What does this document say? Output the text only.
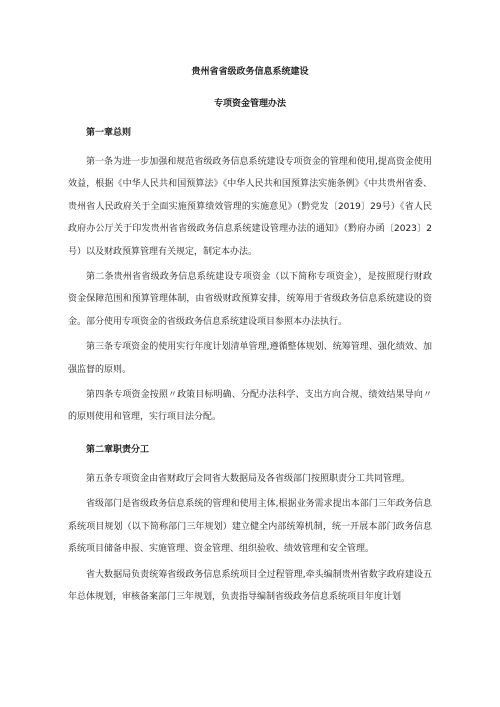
贵州省省级政务信息系统建设

专项资金管理办法

第一章总则

第一条为进一步加强和规范省级政务信息系统建设专项资金的管理和使用,提高资金使用效益，根据《中华人民共和国预算法》《中华人民共和国预算法实施条例》《中共贵州省委、贵州省人民政府关于全面实施预算绩效管理的实施意见》（黔党发〔2019〕29号）《省人民政府办公厅关于印发贵州省省级政务信息系统建设管理办法的通知》（黔府办函〔2023〕2号）以及财政预算管理有关规定，制定本办法。

第二条贵州省省级政务信息系统建设专项资金（以下简称专项资金），是按照现行财政资金保障范围和预算管理体制，由省级财政预算安排，统筹用于省级政务信息系统建设的资金。部分使用专项资金的省级政务信息系统建设项目参照本办法执行。

第三条专项资金的使用实行年度计划清单管理,遵循整体规划、统筹管理、强化绩效、加强监督的原则。

第四条专项资金按照〃政策目标明确、分配办法科学、支出方向合规、绩效结果导向〃的原则使用和管理，实行项目法分配。

第二章职责分工

第五条专项资金由省财政厅会同省大数据局及各省级部门按照职责分工共同管理。

省级部门是省级政务信息系统的管理和使用主体,根据业务需求提出本部门三年政务信息系统项目规划（以下简称部门三年规划）建立健全内部统筹机制，统一开展本部门政务信息系统项目储备申报、实施管理、资金管理、组织验收、绩效管理和安全管理。

省大数据局负责统筹省级政务信息系统项目全过程管理,牵头编制贵州省数字政府建设五年总体规划，审核备案部门三年规划，负责指导编制省级政务信息系统项目年度计划
